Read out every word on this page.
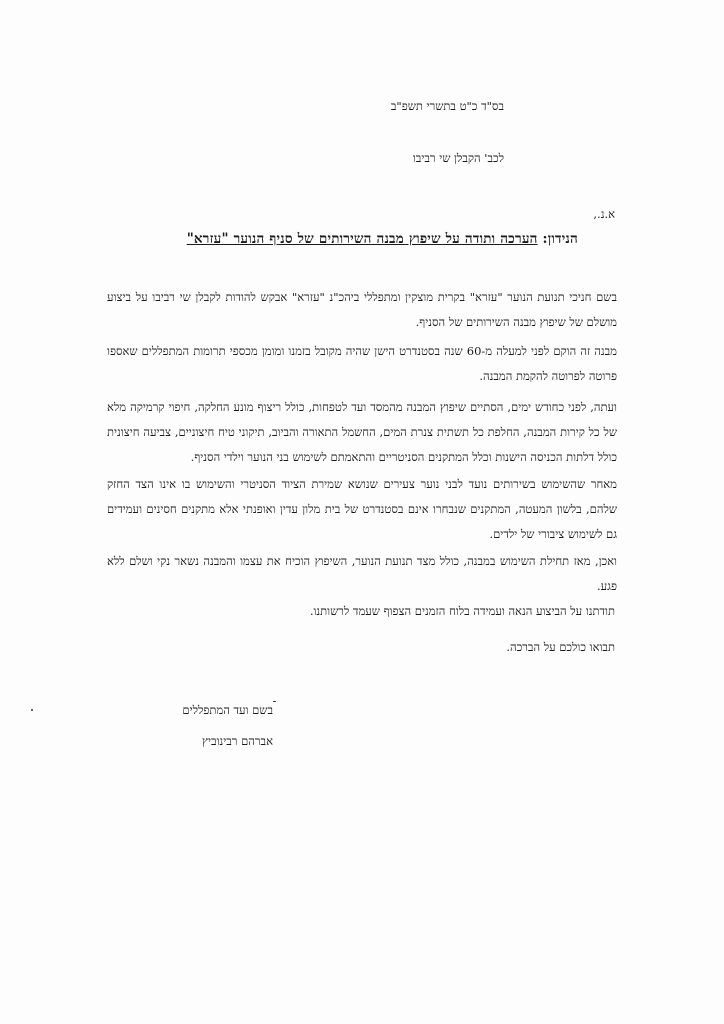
בס"ד כ"ט בתשרי תשפ"ב
לכב' הקבלן שי רביבו
א.נ.,
הנידון: הערכה ותודה על שיפוץ מבנה השירותים של סניף הנוער "עזרא"
בשם חניכי תנועת הנוער "עזרא" בקרית מוצקין ומתפללי ביהכ"נ "עזרא" אבקש להודות לקבלן שי רביבו על ביצוע מושלם של שיפוץ מבנה השירותים של הסניף.
מבנה זה הוקם לפני למעלה מ-60 שנה בסטנדרט הישן שהיה מקובל בזמנו ומומן מכספי תרומות המתפללים שאספו פרוטה לפרוטה להקמת המבנה.
ועתה, לפני כחודש ימים, הסתיים שיפוץ המבנה מהמסד ועד לטפחות, כולל ריצוף מונע החלקה, חיפוי קרמיקה מלא של כל קירות המבנה, החלפת כל תשתית צנרת המים, החשמל התאורה והביוב, תיקוני טיח חיצוניים, צביעה חיצונית כולל דלתות הכניסה הישנות וכלל המתקנים הסניטריים והתאמתם לשימוש בני הנוער וילדי הסניף.
מאחר שהשימוש בשירותים נועד לבני נוער צעירים שנושא שמירת הציוד הסניטרי והשימוש בו אינו הצד החזק שלהם, בלשון המעטה, המתקנים שנבחרו אינם בסטנדרט של בית מלון עדין ואופנתי אלא מתקנים חסינים ועמידים גם לשימוש ציבורי של ילדים.
ואכן, מאז תחילת השימוש במבנה, כולל מצד תנועת הנוער, השיפוץ הוכיח את עצמו והמבנה נשאר נקי ושלם ללא פגע.
תודתנו על הביצוע הנאה ועמידה בלוח הזמנים הצפוף שעמד לרשותנו.
תבואו כולכם על הברכה.
בשם ועד המתפללים
אברהם רבינוביץ
